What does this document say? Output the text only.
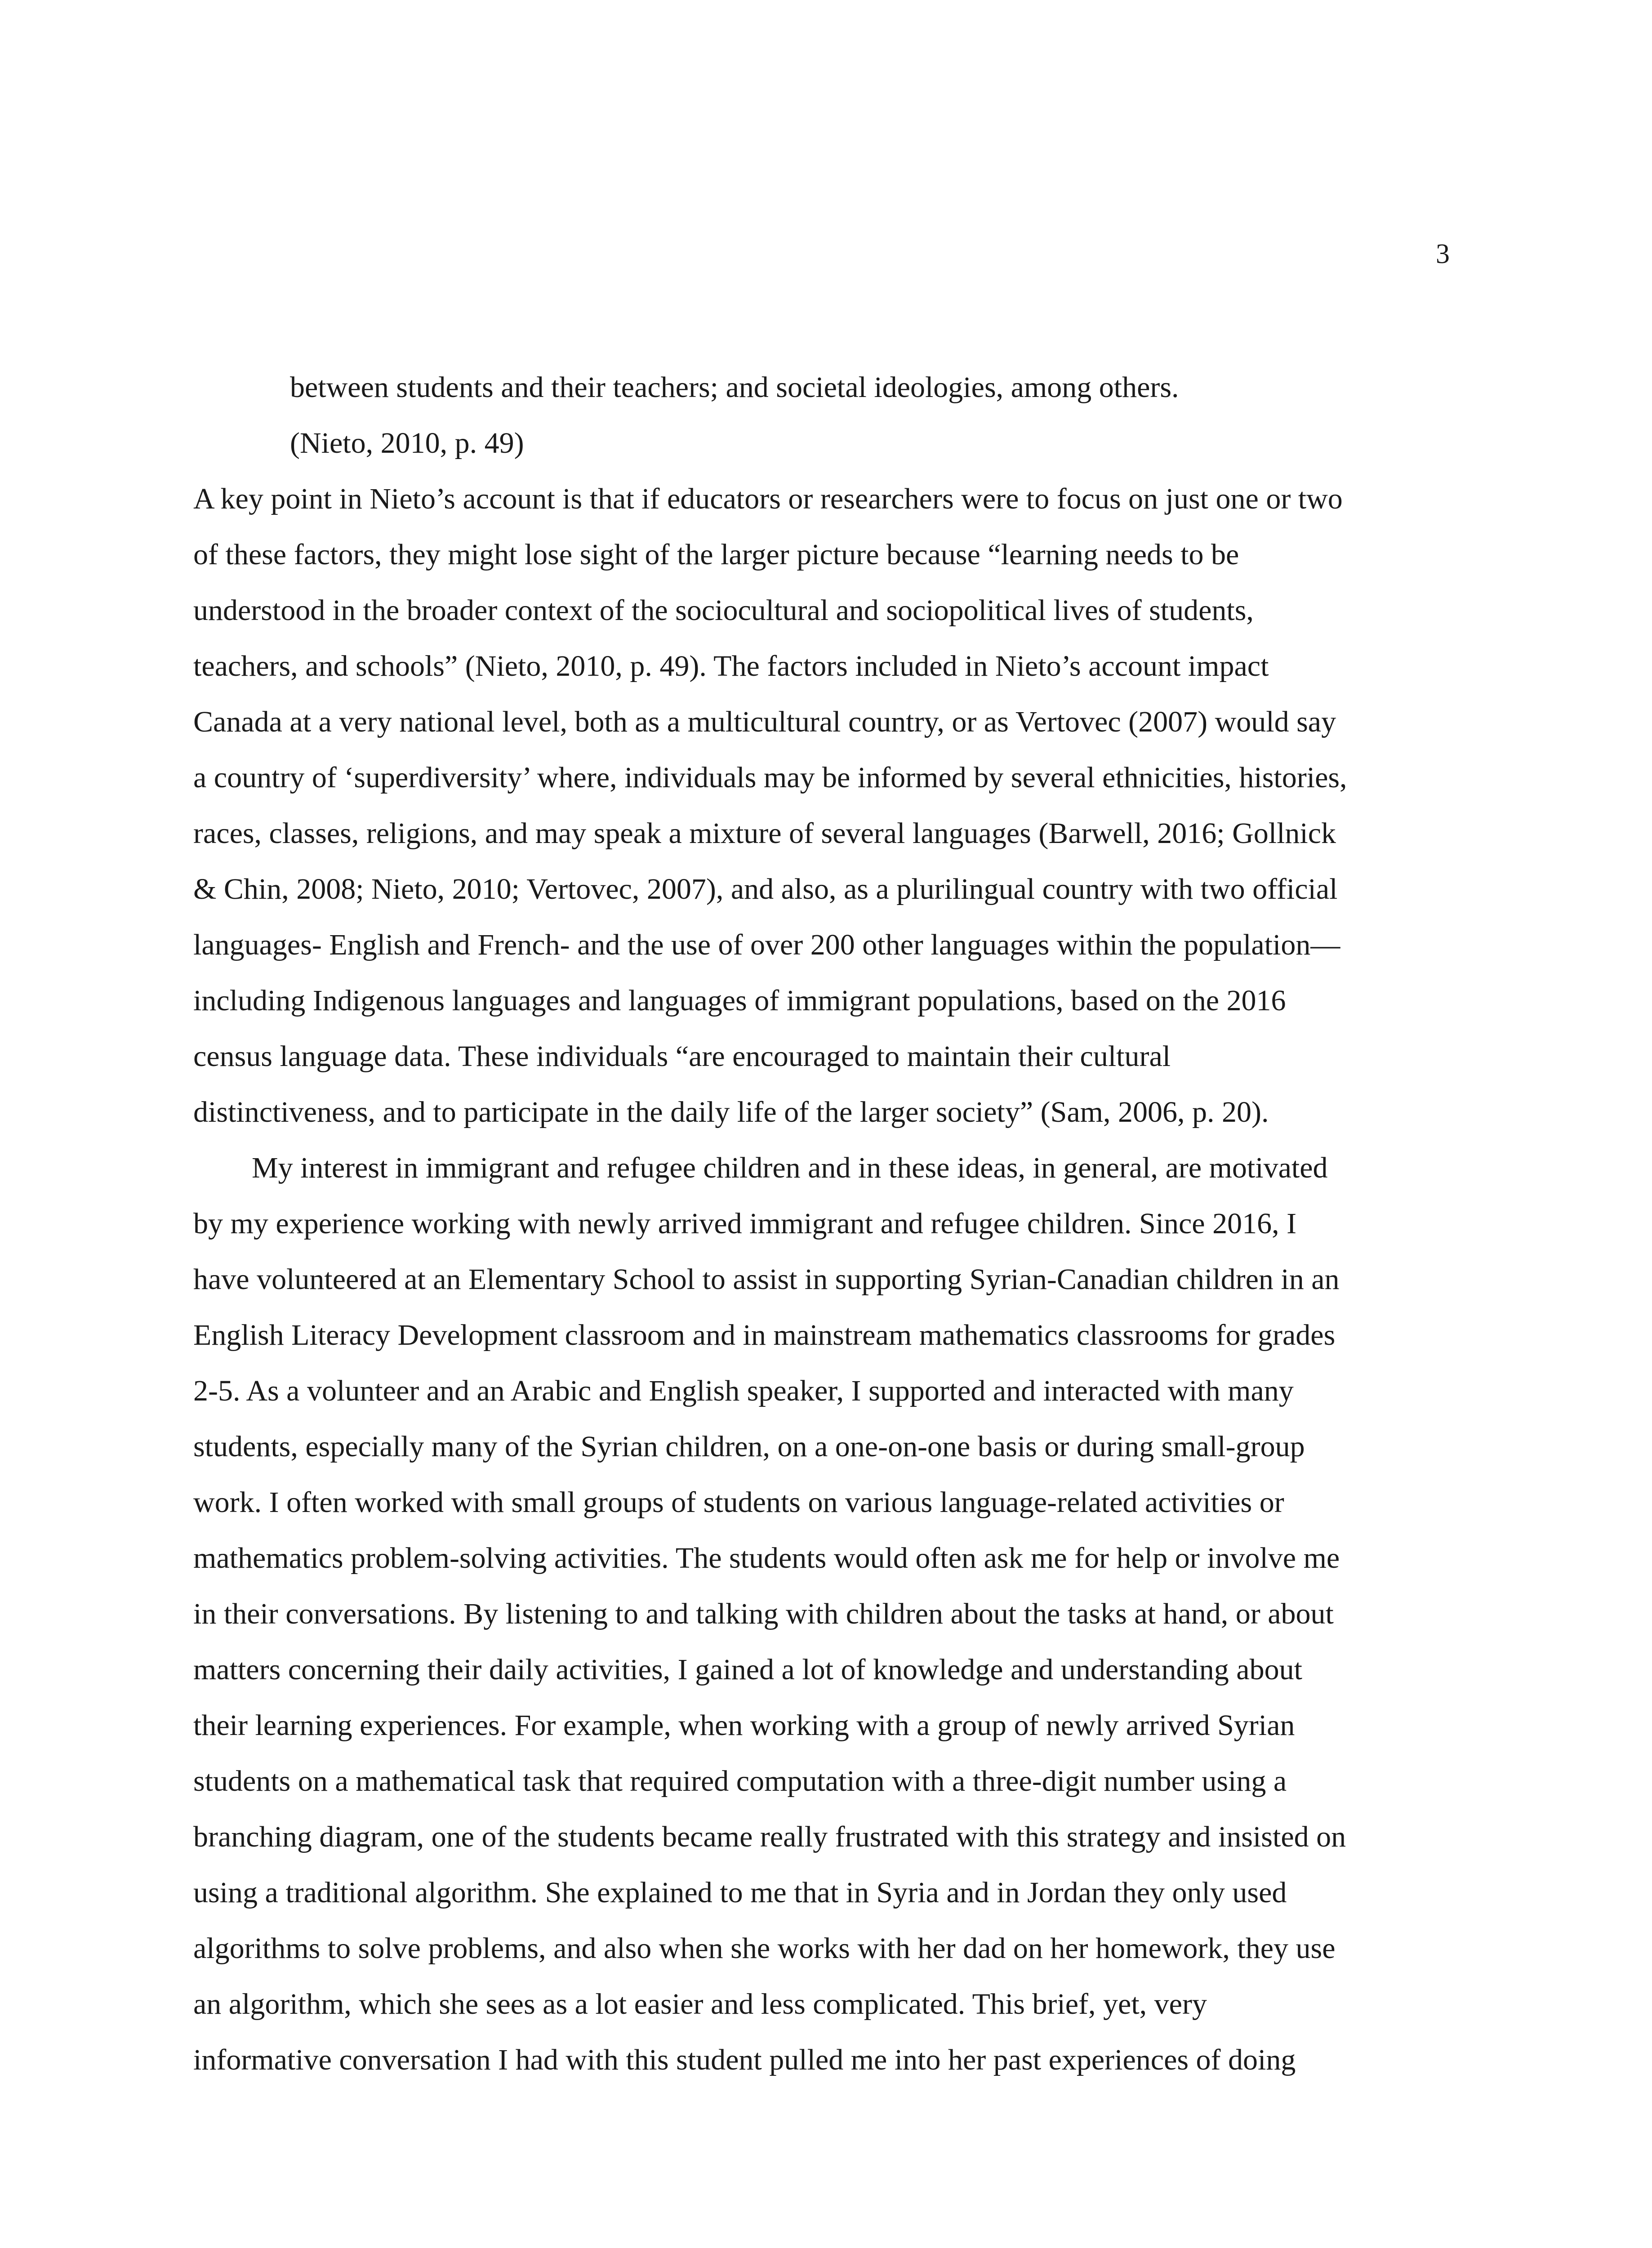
3
between students and their teachers; and societal ideologies, among others.
(Nieto, 2010, p. 49)
A key point in Nieto’s account is that if educators or researchers were to focus on just one or two
of these factors, they might lose sight of the larger picture because “learning needs to be
understood in the broader context of the sociocultural and sociopolitical lives of students,
teachers, and schools” (Nieto, 2010, p. 49). The factors included in Nieto’s account impact
Canada at a very national level, both as a multicultural country, or as Vertovec (2007) would say
a country of ‘superdiversity’ where, individuals may be informed by several ethnicities, histories,
races, classes, religions, and may speak a mixture of several languages (Barwell, 2016; Gollnick
& Chin, 2008; Nieto, 2010; Vertovec, 2007), and also, as a plurilingual country with two official
languages- English and French- and the use of over 200 other languages within the population—
including Indigenous languages and languages of immigrant populations, based on the 2016
census language data. These individuals “are encouraged to maintain their cultural
distinctiveness, and to participate in the daily life of the larger society” (Sam, 2006, p. 20).
My interest in immigrant and refugee children and in these ideas, in general, are motivated
by my experience working with newly arrived immigrant and refugee children. Since 2016, I
have volunteered at an Elementary School to assist in supporting Syrian-Canadian children in an
English Literacy Development classroom and in mainstream mathematics classrooms for grades
2-5. As a volunteer and an Arabic and English speaker, I supported and interacted with many
students, especially many of the Syrian children, on a one-on-one basis or during small-group
work. I often worked with small groups of students on various language-related activities or
mathematics problem-solving activities. The students would often ask me for help or involve me
in their conversations. By listening to and talking with children about the tasks at hand, or about
matters concerning their daily activities, I gained a lot of knowledge and understanding about
their learning experiences. For example, when working with a group of newly arrived Syrian
students on a mathematical task that required computation with a three-digit number using a
branching diagram, one of the students became really frustrated with this strategy and insisted on
using a traditional algorithm. She explained to me that in Syria and in Jordan they only used
algorithms to solve problems, and also when she works with her dad on her homework, they use
an algorithm, which she sees as a lot easier and less complicated. This brief, yet, very
informative conversation I had with this student pulled me into her past experiences of doing
